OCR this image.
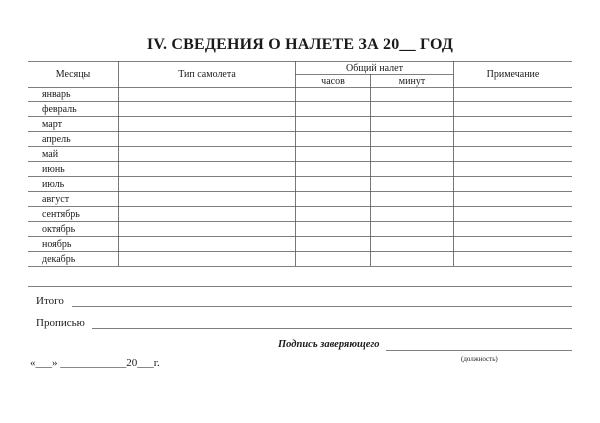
IV. СВЕДЕНИЯ О НАЛЕТЕ ЗА 20__ ГОД
Месяцы	Тип самолета
Общий налет
часов	минут
Примечание
январь
февраль
март
апрель
май
июнь
июль
август
сентябрь
октябрь
ноябрь
декабрь
Итого
Прописью
Подпись заверяющего
(должность)
«___» ____________20___г.
